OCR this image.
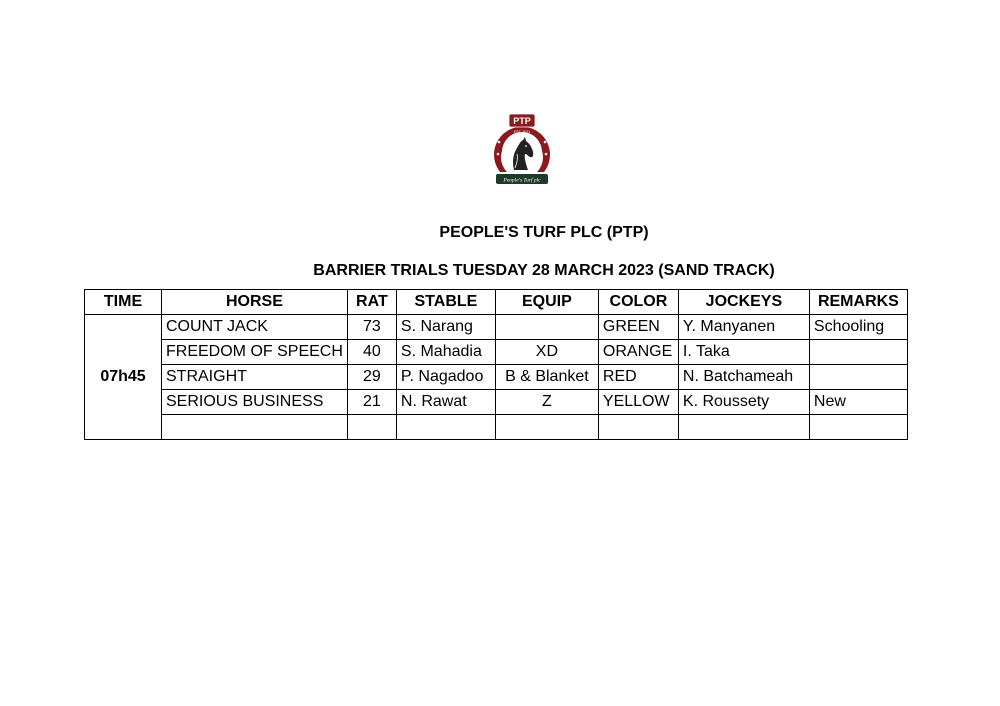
PTP
EST. 2021
People's Turf plc
PEOPLE'S TURF PLC (PTP)
BARRIER TRIALS TUESDAY 28 MARCH 2023 (SAND TRACK)
TIME	HORSE	RAT	STABLE	EQUIP	COLOR	JOCKEYS	REMARKS
07h45	COUNT JACK	73	S. Narang		GREEN	Y. Manyanen	Schooling
	FREEDOM OF SPEECH	40	S. Mahadia	XD	ORANGE	I. Taka	
	STRAIGHT	29	P. Nagadoo	B & Blanket	RED	N. Batchameah	
	SERIOUS BUSINESS	21	N. Rawat	Z	YELLOW	K. Roussety	New
